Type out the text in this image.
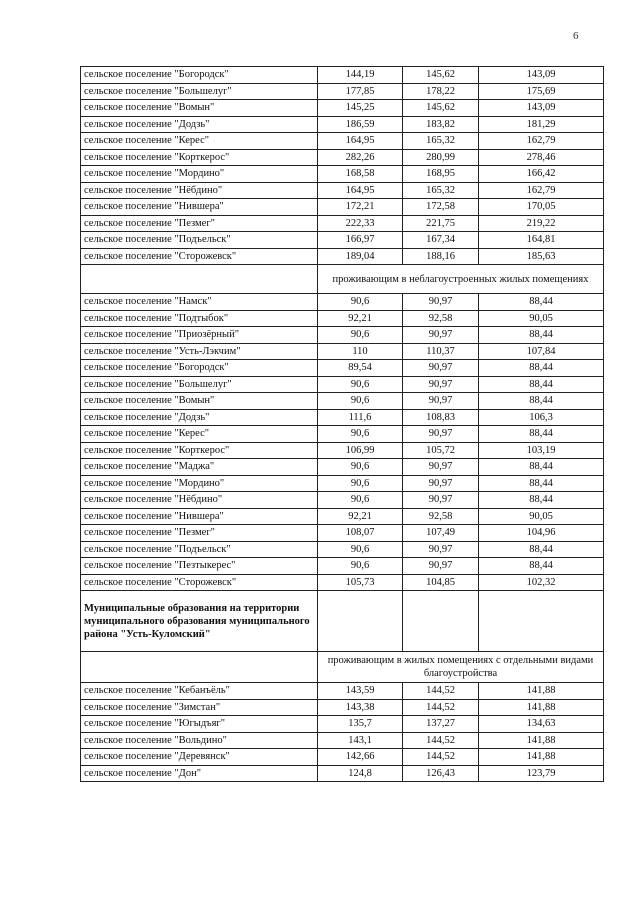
6
сельское поселение "Богородск"	144,19	145,62	143,09
сельское поселение "Большелуг"	177,85	178,22	175,69
сельское поселение "Вомын"	145,25	145,62	143,09
сельское поселение "Додзь"	186,59	183,82	181,29
сельское поселение "Керес"	164,95	165,32	162,79
сельское поселение "Корткерос"	282,26	280,99	278,46
сельское поселение "Мордино"	168,58	168,95	166,42
сельское поселение "Нёбдино"	164,95	165,32	162,79
сельское поселение "Нившера"	172,21	172,58	170,05
сельское поселение "Пезмег"	222,33	221,75	219,22
сельское поселение "Подъельск"	166,97	167,34	164,81
сельское поселение "Сторожевск"	189,04	188,16	185,63
	проживающим в неблагоустроенных жилых помещениях		
сельское поселение "Намск"	90,6	90,97	88,44
сельское поселение "Подтыбок"	92,21	92,58	90,05
сельское поселение "Приозёрный"	90,6	90,97	88,44
сельское поселение "Усть-Лэкчим"	110	110,37	107,84
сельское поселение "Богородск"	89,54	90,97	88,44
сельское поселение "Большелуг"	90,6	90,97	88,44
сельское поселение "Вомын"	90,6	90,97	88,44
сельское поселение "Додзь"	111,6	108,83	106,3
сельское поселение "Керес"	90,6	90,97	88,44
сельское поселение "Корткерос"	106,99	105,72	103,19
сельское поселение "Маджа"	90,6	90,97	88,44
сельское поселение "Мордино"	90,6	90,97	88,44
сельское поселение "Нёбдино"	90,6	90,97	88,44
сельское поселение "Нившера"	92,21	92,58	90,05
сельское поселение "Пезмег"	108,07	107,49	104,96
сельское поселение "Подъельск"	90,6	90,97	88,44
сельское поселение "Пезтыкерес"	90,6	90,97	88,44
сельское поселение "Сторожевск"	105,73	104,85	102,32
Муниципальные образования на территории муниципального образования муниципального района "Усть-Куломский"			
	проживающим в жилых помещениях с отдельными видами благоустройства		
сельское поселение "Кебанъёль"	143,59	144,52	141,88
сельское поселение "Зимстан"	143,38	144,52	141,88
сельское поселение "Югыдъяг"	135,7	137,27	134,63
сельское поселение "Вольдино"	143,1	144,52	141,88
сельское поселение "Деревянск"	142,66	144,52	141,88
сельское поселение "Дон"	124,8	126,43	123,79
